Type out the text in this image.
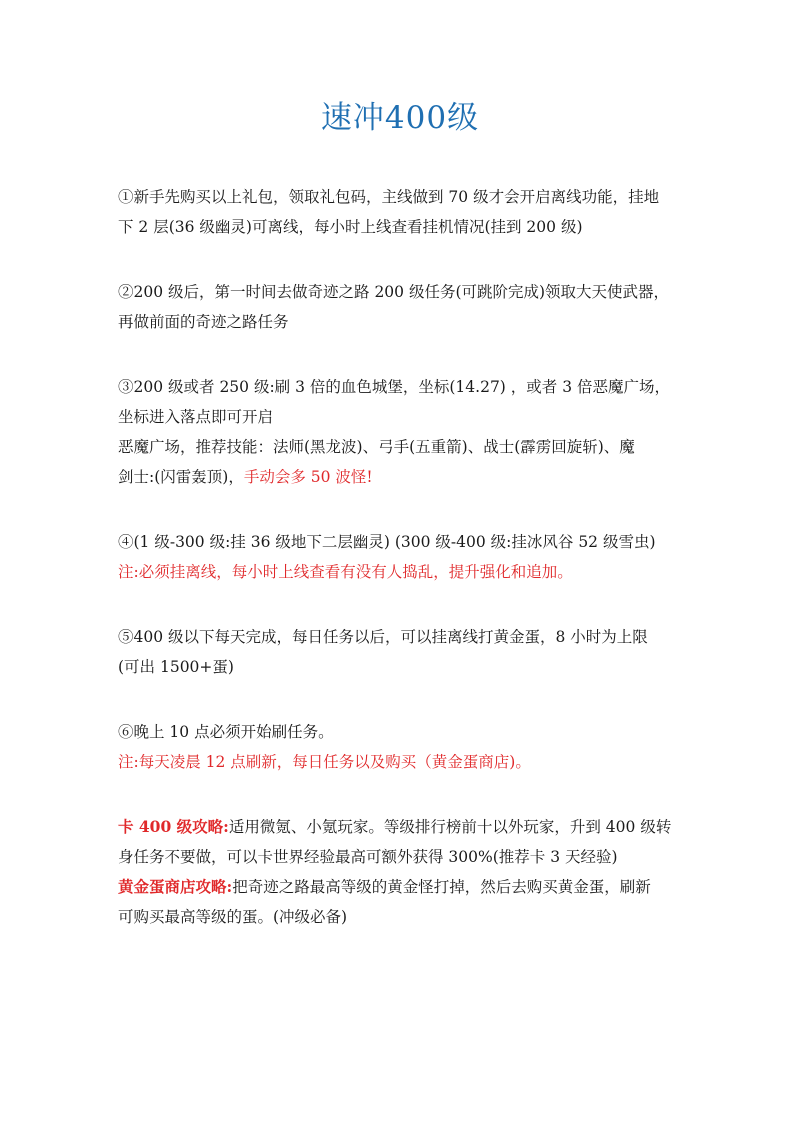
速冲400级
①新手先购买以上礼包，领取礼包码，主线做到 70 级才会开启离线功能，挂地
下 2 层(36 级幽灵)可离线，每小时上线查看挂机情况(挂到 200 级)
②200 级后，第一时间去做奇迹之路 200 级任务(可跳阶完成)领取大天使武器，
再做前面的奇迹之路任务
③200 级或者 250 级:刷 3 倍的血色城堡，坐标(14.27) ，或者 3 倍恶魔广场，
坐标进入落点即可开启
恶魔广场，推荐技能：法师(黑龙波)、弓手(五重箭)、战士(霹雳回旋斩)、魔
剑士:(闪雷轰顶)，手动会多 50 波怪!
④(1 级-300 级:挂 36 级地下二层幽灵) (300 级-400 级:挂冰风谷 52 级雪虫)
注:必须挂离线，每小时上线查看有没有人捣乱，提升强化和追加。
⑤400 级以下每天完成，每日任务以后，可以挂离线打黄金蛋，8 小时为上限
(可出 1500+蛋)
⑥晚上 10 点必须开始刷任务。
注:每天凌晨 12 点刷新，每日任务以及购买（黄金蛋商店)。
卡 400 级攻略:适用微氪、小氪玩家。等级排行榜前十以外玩家，升到 400 级转
身任务不要做，可以卡世界经验最高可额外获得 300%(推荐卡 3 天经验)
黄金蛋商店攻略:把奇迹之路最高等级的黄金怪打掉，然后去购买黄金蛋，刷新
可购买最高等级的蛋。(冲级必备)
